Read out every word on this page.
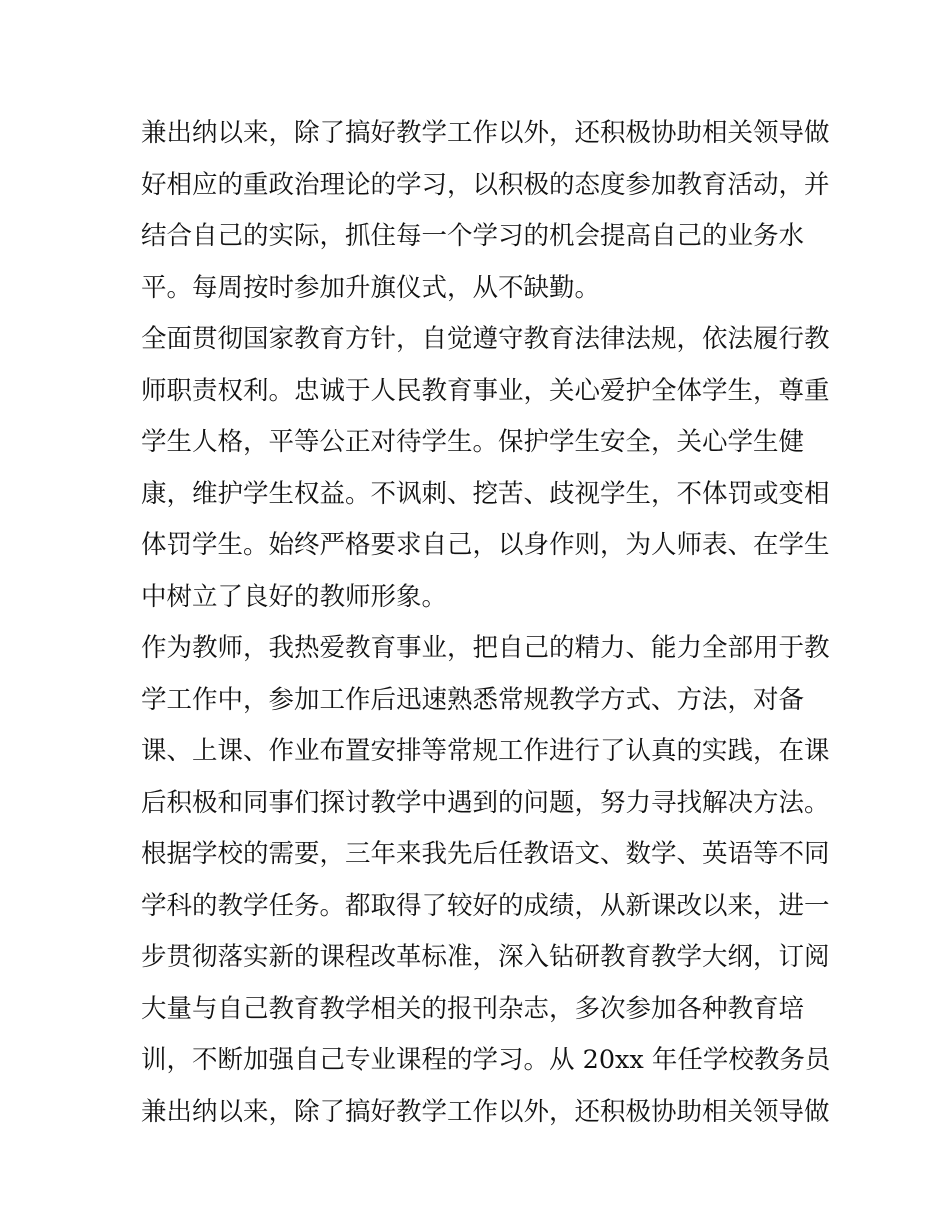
兼出纳以来，除了搞好教学工作以外，还积极协助相关领导做
好相应的重政治理论的学习，以积极的态度参加教育活动，并
结合自己的实际，抓住每一个学习的机会提高自己的业务水
平。每周按时参加升旗仪式，从不缺勤。
全面贯彻国家教育方针，自觉遵守教育法律法规，依法履行教
师职责权利。忠诚于人民教育事业，关心爱护全体学生，尊重
学生人格，平等公正对待学生。保护学生安全，关心学生健
康，维护学生权益。不讽刺、挖苦、歧视学生，不体罚或变相
体罚学生。始终严格要求自己，以身作则，为人师表、在学生
中树立了良好的教师形象。
作为教师，我热爱教育事业，把自己的精力、能力全部用于教
学工作中，参加工作后迅速熟悉常规教学方式、方法，对备
课、上课、作业布置安排等常规工作进行了认真的实践，在课
后积极和同事们探讨教学中遇到的问题，努力寻找解决方法。
根据学校的需要，三年来我先后任教语文、数学、英语等不同
学科的教学任务。都取得了较好的成绩，从新课改以来，进一
步贯彻落实新的课程改革标准，深入钻研教育教学大纲，订阅
大量与自己教育教学相关的报刊杂志，多次参加各种教育培
训，不断加强自己专业课程的学习。从 20xx 年任学校教务员
兼出纳以来，除了搞好教学工作以外，还积极协助相关领导做
